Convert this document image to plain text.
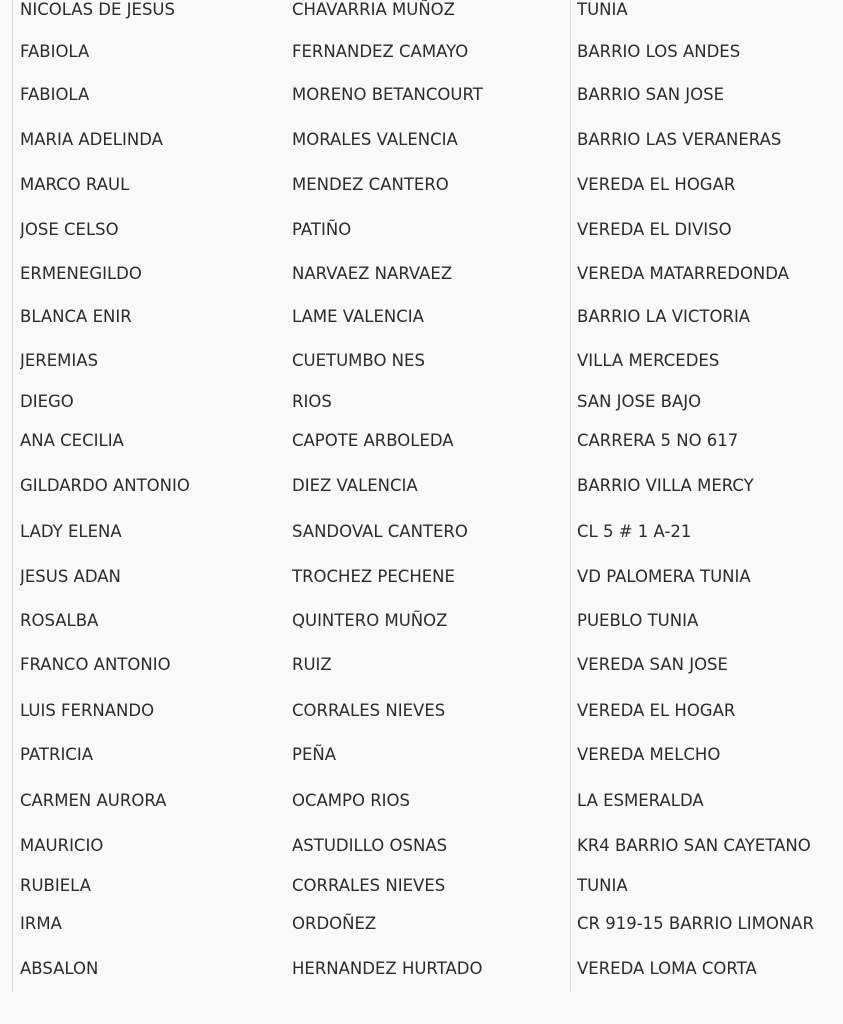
NICOLAS DE JESUS	CHAVARRIA MUÑOZ	TUNIA
FABIOLA	FERNANDEZ CAMAYO	BARRIO LOS ANDES
FABIOLA	MORENO BETANCOURT	BARRIO SAN JOSE
MARIA ADELINDA	MORALES VALENCIA	BARRIO LAS VERANERAS
MARCO RAUL	MENDEZ CANTERO	VEREDA EL HOGAR
JOSE CELSO	PATIÑO	VEREDA EL DIVISO
ERMENEGILDO	NARVAEZ NARVAEZ	VEREDA MATARREDONDA
BLANCA ENIR	LAME VALENCIA	BARRIO LA VICTORIA
JEREMIAS	CUETUMBO NES	VILLA MERCEDES
DIEGO	RIOS	SAN JOSE BAJO
ANA CECILIA	CAPOTE ARBOLEDA	CARRERA 5 NO 617
GILDARDO ANTONIO	DIEZ VALENCIA	BARRIO VILLA MERCY
LADY ELENA	SANDOVAL CANTERO	CL 5 # 1 A-21
JESUS ADAN	TROCHEZ PECHENE	VD PALOMERA TUNIA
ROSALBA	QUINTERO MUÑOZ	PUEBLO TUNIA
FRANCO ANTONIO	RUIZ	VEREDA SAN JOSE
LUIS FERNANDO	CORRALES NIEVES	VEREDA EL HOGAR
PATRICIA	PEÑA	VEREDA MELCHO
CARMEN AURORA	OCAMPO RIOS	LA ESMERALDA
MAURICIO	ASTUDILLO OSNAS	KR4 BARRIO SAN CAYETANO
RUBIELA	CORRALES NIEVES	TUNIA
IRMA	ORDOÑEZ	CR 919-15 BARRIO LIMONAR
ABSALON	HERNANDEZ HURTADO	VEREDA LOMA CORTA
